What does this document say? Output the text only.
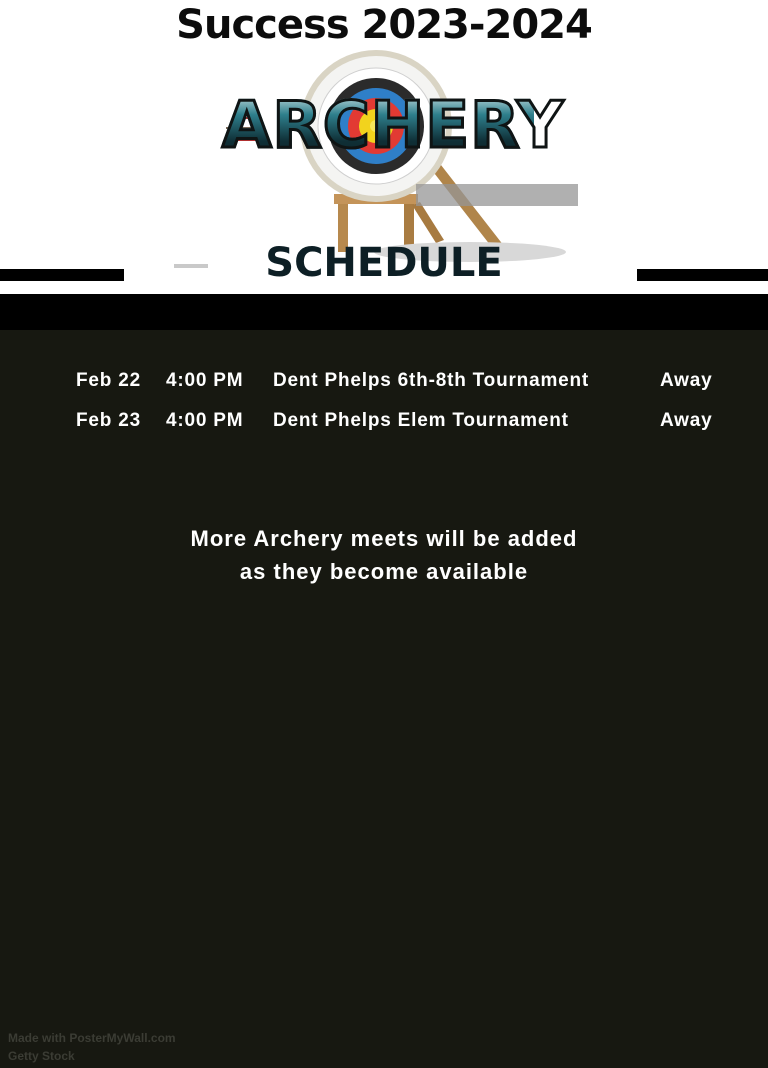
Success 2023-2024
ARCHERY
SCHEDULE
Feb 22 4:00 PM Dent Phelps 6th-8th Tournament	Away
Feb 23 4:00 PM Dent Phelps Elem Tournament	Away
More Archery meets will be added
as they become available
Made with PosterMyWall.com
Getty Stock
